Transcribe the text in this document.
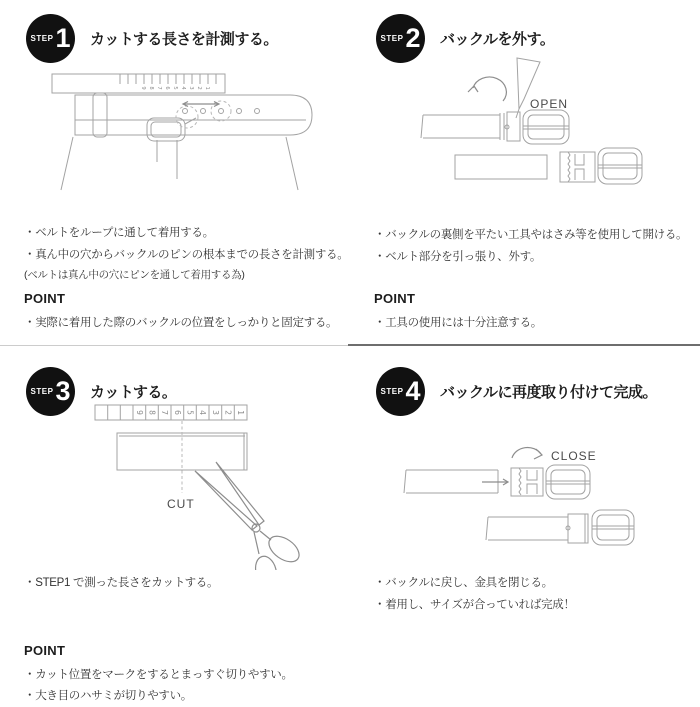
STEP 1 カットする長さを計測する。
9 8 7 6 5 4 3 2 1
・ベルトをループに通して着用する。
・真ん中の穴からバックルのピンの根本までの長さを計測する。

(ベルトは真ん中の穴にピンを通して着用する為)

POINT
・実際に着用した際のバックルの位置をしっかりと固定する。
STEP 2 バックルを外す。
OPEN
・バックルの裏側を平たい工具やはさみ等を使用して開ける。
・ベルト部分を引っ張り、外す。
POINT
・工具の使用には十分注意する。
STEP 3 カットする。
9 8 7 6 5 4 3 2 1
CUT
・STEP1 で測った長さをカットする。
POINT
・カット位置をマークをするとまっすぐ切りやすい。
・大き目のハサミが切りやすい。
STEP 4 バックルに再度取り付けて完成。
CLOSE
・バックルに戻し、金具を閉じる。
・着用し、サイズが合っていれば完成！
